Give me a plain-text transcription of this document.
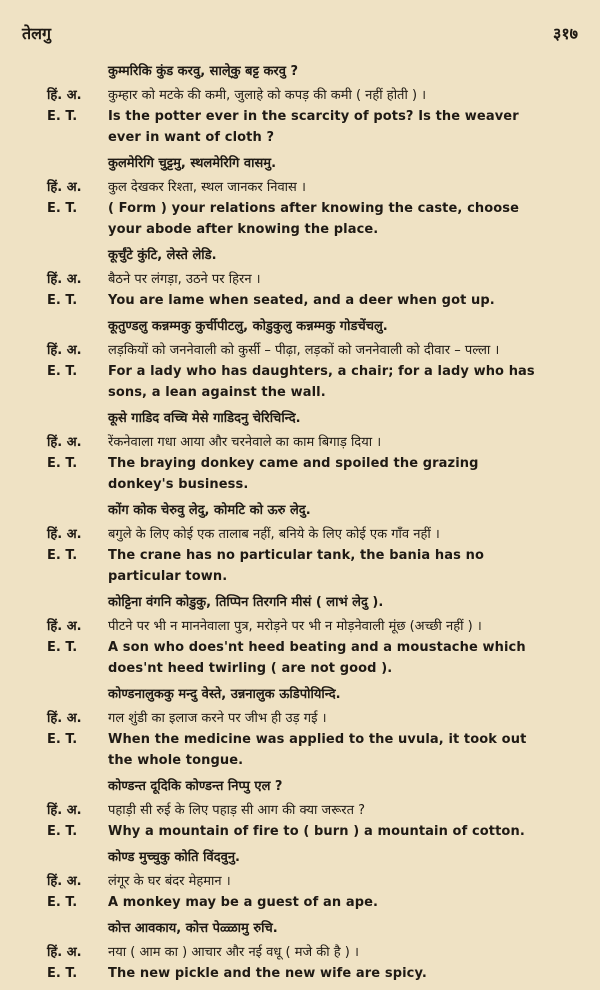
तेलगु	३१७
कुम्मरिकि कुंड करवु, साले्कु बट्ट करवु ?
हिं. अ.	कुम्हार को मटके की कमी, जुलाहे को कपड़ की कमी ( नहीं होती ) ।
E. T.	Is the potter ever in the scarcity of pots? Is the weaver ever in want of cloth ?
कुलमेरिगि चुट्टमु, स्थलमेरिगि वासमु.
हिं. अ.	कुल देखकर रिश्ता, स्थल जानकर निवास ।
E. T.	( Form ) your relations after knowing the caste, choose your abode after knowing the place.
कूर्चुंटे कुंटि, लेस्ते लेडि.
हिं. अ.	बैठने पर लंगड़ा, उठने पर हिरन ।
E. T.	You are lame when seated, and a deer when got up.
कूतुण्डलु कन्नम्मकु कुर्चीपीटलु, कोडुकुलु कन्नम्मकु गोडचेंचलु.
हिं. अ.	लड़कियों को जननेवाली को कुर्सी – पीढ़ा, लड़कों को जननेवाली को दीवार – पल्ला ।
E. T.	For a lady who has daughters, a chair; for a lady who has sons, a lean against the wall.
कूसे गाडिद वच्चि मेसे गाडिदनु चेरिचिन्दि.
हिं. अ.	रेंकनेवाला गधा आया और चरनेवाले का काम बिगाड़ दिया ।
E. T.	The braying donkey came and spoiled the grazing donkey's business.
कोंग कोक चेरुवु लेदु, कोमटि को ऊरु लेदु.
हिं. अ.	बगुले के लिए कोई एक तालाब नहीं, बनिये के लिए कोई एक गाँव नहीं ।
E. T.	The crane has no particular tank, the bania has no particular town.
कोट्टिना वंगनि कोडुकु, तिप्पिन तिरगनि मीसं ( लाभं लेदु ).
हिं. अ.	पीटने पर भी न माननेवाला पुत्र, मरोड़ने पर भी न मोड़नेवाली मूंछ (अच्छी नहीं ) ।
E. T.	A son who does'nt heed beating and a moustache which does'nt heed twirling ( are not good ).
कोण्डनालुककु मन्दु वेस्ते, उन्ननालुक ऊडिपोयिन्दि.
हिं. अ.	गल शुंडी का इलाज करने पर जीभ ही उड़ गई ।
E. T.	When the medicine was applied to the uvula, it took out the whole tongue.
कोण्डन्त दूदिकि कोण्डन्त निप्पु एल ?
हिं. अ.	पहाड़ी सी रुई के लिए पहाड़ सी आग की क्या जरूरत ?
E. T.	Why a mountain of fire to ( burn ) a mountain of cotton.
कोण्ड मुच्चुकु कोति विंदवुनु.
हिं. अ.	लंगूर के घर बंदर मेहमान ।
E. T.	A monkey may be a guest of an ape.
कोत्त आवकाय, कोत्त पेळ्ळामु रुचि.
हिं. अ.	नया ( आम का ) आचार और नई वधू ( मजे की है ) ।
E. T.	The new pickle and the new wife are spicy.
